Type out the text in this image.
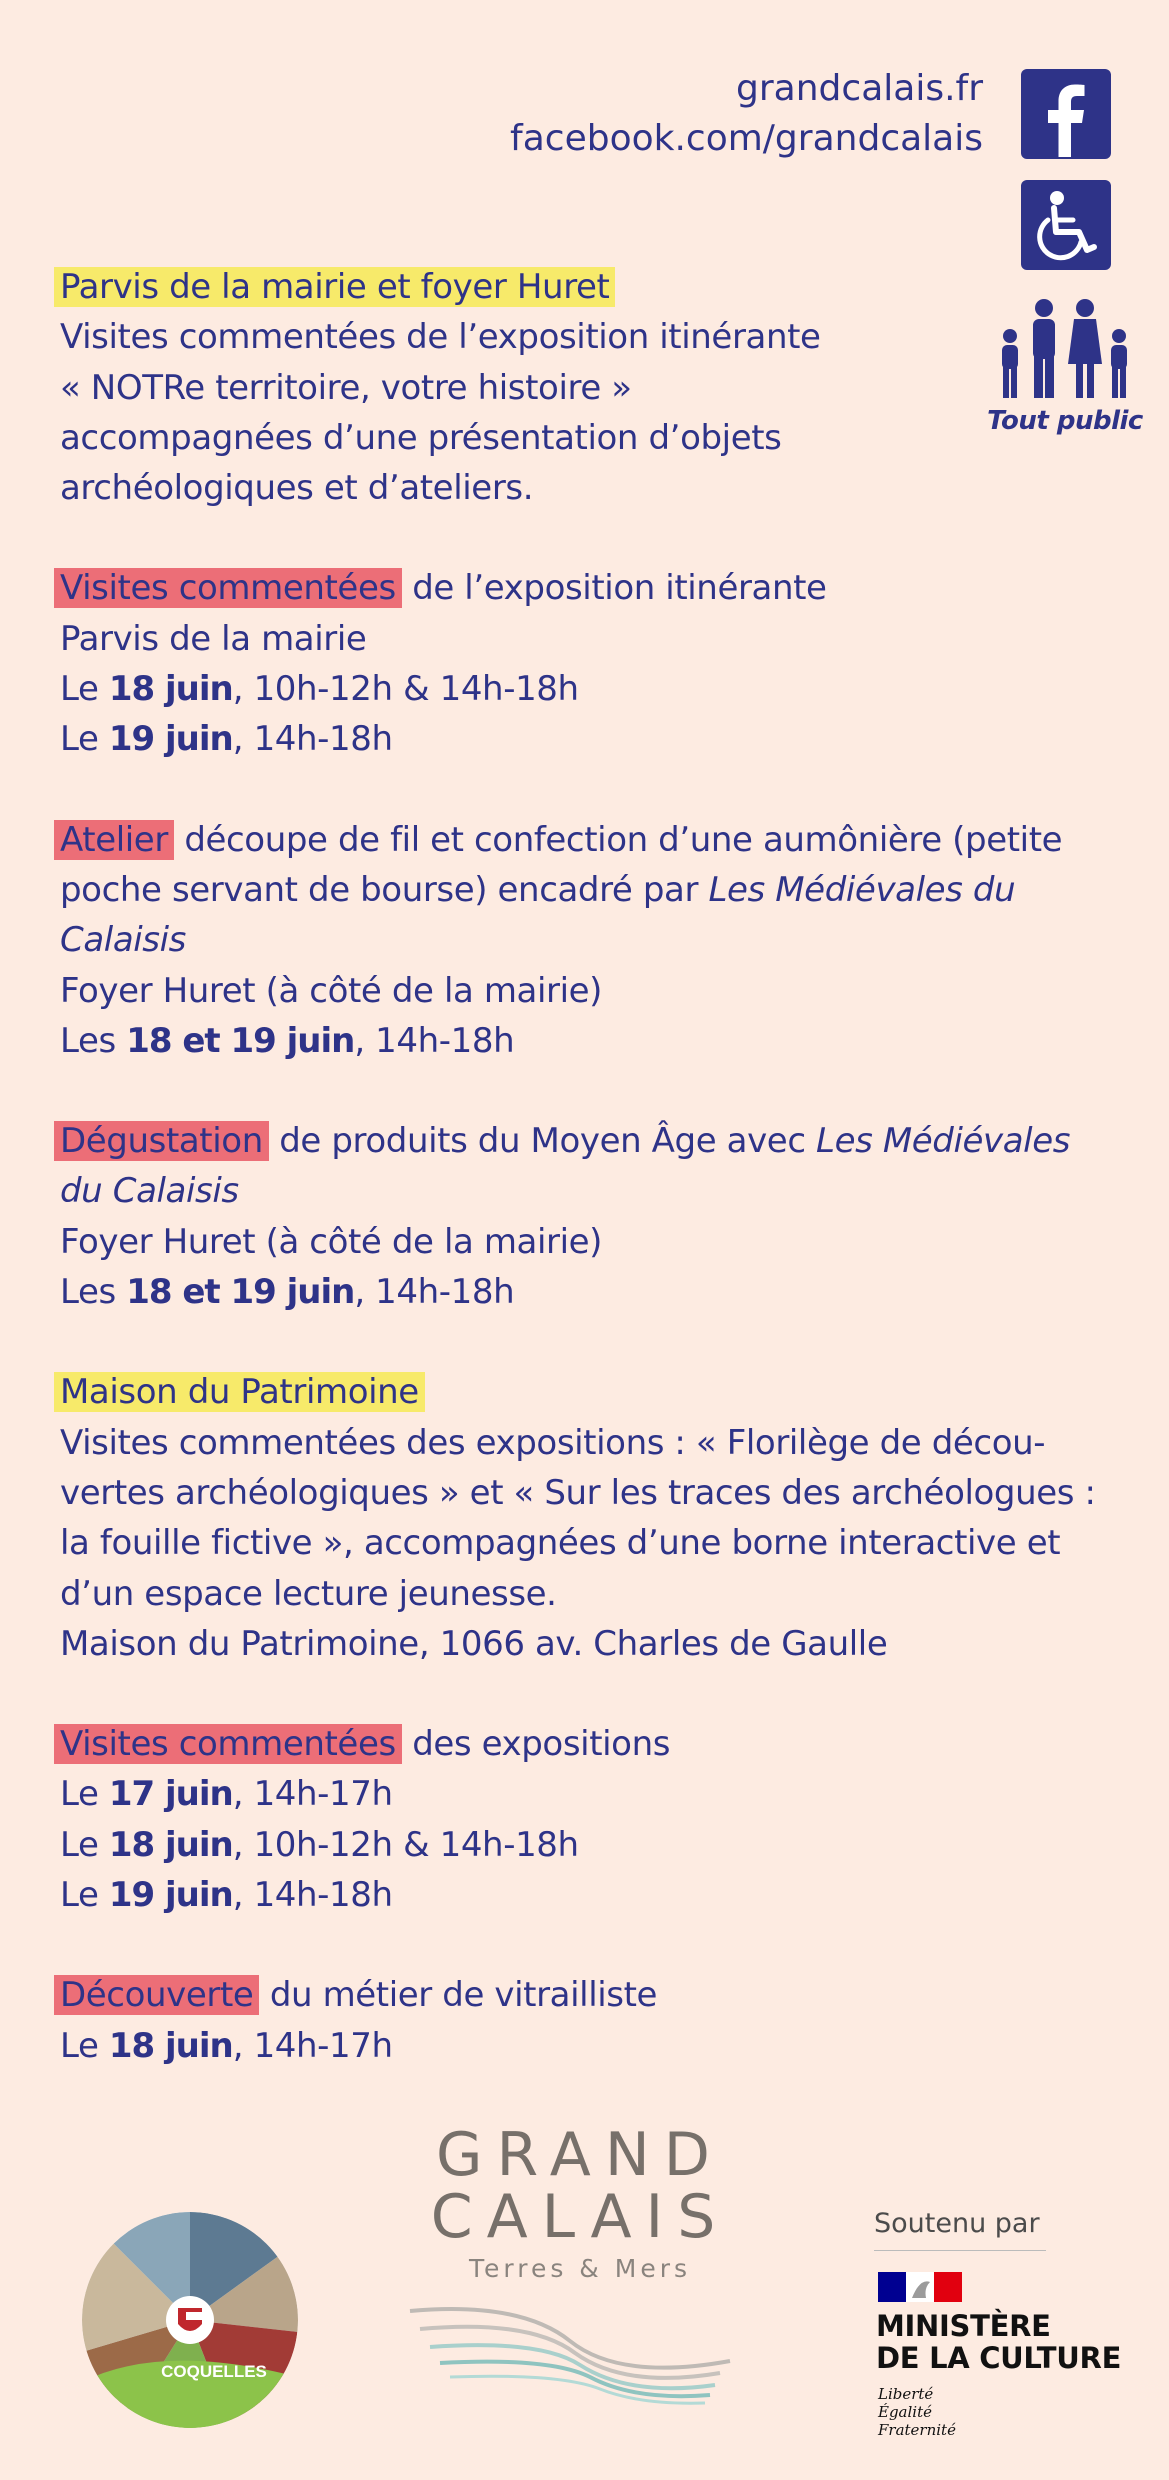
grandcalais.fr
facebook.com/grandcalais
Tout public

Parvis de la mairie et foyer Huret

Visites commentées de l’exposition itinérante

« NOTRe territoire, votre histoire »

accompagnées d’une présentation d’objets

archéologiques et d’ateliers.

Visites commentées de l’exposition itinérante

Parvis de la mairie

Le 18 juin, 10h-12h & 14h-18h

Le 19 juin, 14h-18h

Atelier découpe de fil et confection d’une aumônière (petite

poche servant de bourse) encadré par Les Médiévales du

Calaisis

Foyer Huret (à côté de la mairie)

Les 18 et 19 juin, 14h-18h

Dégustation de produits du Moyen Âge avec Les Médiévales

du Calaisis

Foyer Huret (à côté de la mairie)

Les 18 et 19 juin, 14h-18h

Maison du Patrimoine

Visites commentées des expositions : « Florilège de décou-

vertes archéologiques » et « Sur les traces des archéologues :

la fouille fictive », accompagnées d’une borne interactive et

d’un espace lecture jeunesse.

Maison du Patrimoine, 1066 av. Charles de Gaulle

Visites commentées des expositions

Le 17 juin, 14h-17h

Le 18 juin, 10h-12h & 14h-18h

Le 19 juin, 14h-18h

Découverte du métier de vitrailliste

Le 18 juin, 14h-17h

COQUELLES
GRAND
CALAIS
Terres & Mers
Soutenu par
MINISTÈRE
DE LA CULTURE
Liberté
Égalité
Fraternité
